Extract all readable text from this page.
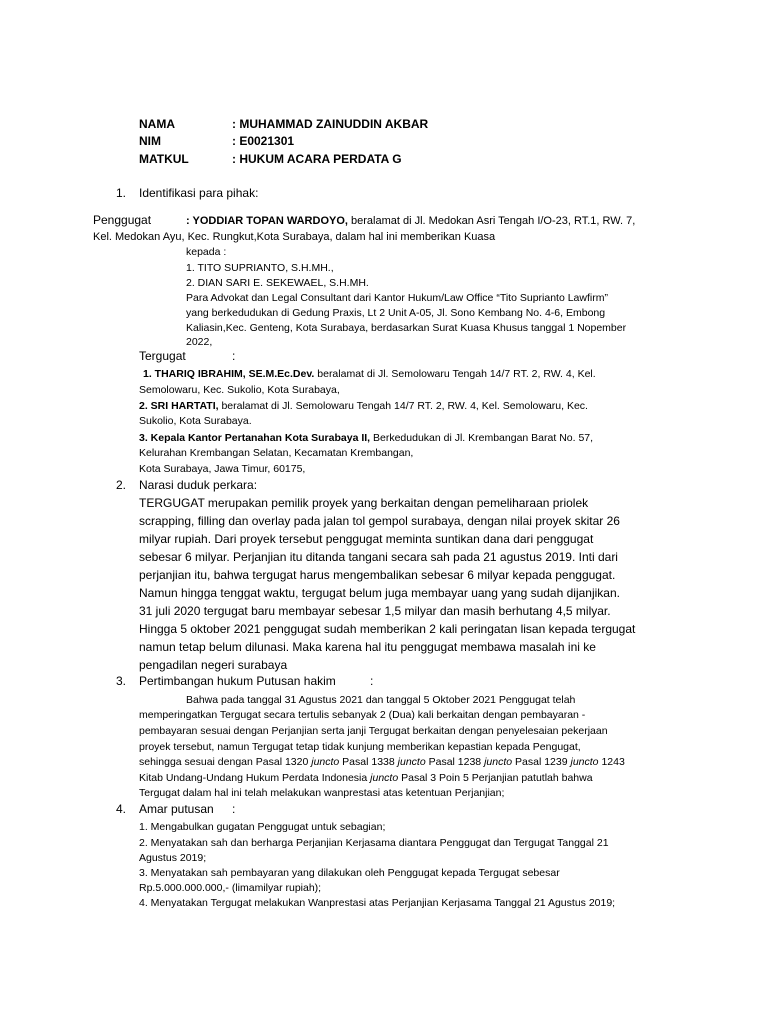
NAMA	: MUHAMMAD ZAINUDDIN AKBAR
NIM	: E0021301
MATKUL	: HUKUM ACARA PERDATA G
1. Identifikasi para pihak:
Penggugat	: YODDIAR TOPAN WARDOYO, beralamat di Jl. Medokan Asri Tengah I/O-23, RT.1, RW. 7,
Kel. Medokan Ayu, Kec. Rungkut,Kota Surabaya, dalam hal ini memberikan Kuasa
kepada :
1. TITO SUPRIANTO, S.H.MH.,
2. DIAN SARI E. SEKEWAEL, S.H.MH.
Para Advokat dan Legal Consultant dari Kantor Hukum/Law Office “Tito Suprianto Lawfirm”
yang berkedudukan di Gedung Praxis, Lt 2 Unit A-05, Jl. Sono Kembang No. 4-6, Embong
Kaliasin,Kec. Genteng, Kota Surabaya, berdasarkan Surat Kuasa Khusus tanggal 1 Nopember
2022,
Tergugat	:
1. THARIQ IBRAHIM, SE.M.Ec.Dev. beralamat di Jl. Semolowaru Tengah 14/7 RT. 2, RW. 4, Kel.
Semolowaru, Kec. Sukolio, Kota Surabaya,
2. SRI HARTATI, beralamat di Jl. Semolowaru Tengah 14/7 RT. 2, RW. 4, Kel. Semolowaru, Kec.
Sukolio, Kota Surabaya.
3. Kepala Kantor Pertanahan Kota Surabaya II, Berkedudukan di Jl. Krembangan Barat No. 57,
Kelurahan Krembangan Selatan, Kecamatan Krembangan,
Kota Surabaya, Jawa Timur, 60175,
2. Narasi duduk perkara:
TERGUGAT merupakan pemilik proyek yang berkaitan dengan pemeliharaan priolek
scrapping, filling dan overlay pada jalan tol gempol surabaya, dengan nilai proyek skitar 26
milyar rupiah. Dari proyek tersebut penggugat meminta suntikan dana dari penggugat
sebesar 6 milyar. Perjanjian itu ditanda tangani secara sah pada 21 agustus 2019. Inti dari
perjanjian itu, bahwa tergugat harus mengembalikan sebesar 6 milyar kepada penggugat.
Namun hingga tenggat waktu, tergugat belum juga membayar uang yang sudah dijanjikan.
31 juli 2020 tergugat baru membayar sebesar 1,5 milyar dan masih berhutang 4,5 milyar.
Hingga 5 oktober 2021 penggugat sudah memberikan 2 kali peringatan lisan kepada tergugat
namun tetap belum dilunasi. Maka karena hal itu penggugat membawa masalah ini ke
pengadilan negeri surabaya
3. Pertimbangan hukum Putusan hakim	:
Bahwa pada tanggal 31 Agustus 2021 dan tanggal 5 Oktober 2021 Penggugat telah
memperingatkan Tergugat secara tertulis sebanyak 2 (Dua) kali berkaitan dengan pembayaran -
pembayaran sesuai dengan Perjanjian serta janji Tergugat berkaitan dengan penyelesaian pekerjaan
proyek tersebut, namun Tergugat tetap tidak kunjung memberikan kepastian kepada Pengugat,
sehingga sesuai dengan Pasal 1320 juncto Pasal 1338 juncto Pasal 1238 juncto Pasal 1239 juncto 1243
Kitab Undang-Undang Hukum Perdata Indonesia juncto Pasal 3 Poin 5 Perjanjian patutlah bahwa
Tergugat dalam hal ini telah melakukan wanprestasi atas ketentuan Perjanjian;
4. Amar putusan :
1. Mengabulkan gugatan Penggugat untuk sebagian;
2. Menyatakan sah dan berharga Perjanjian Kerjasama diantara Penggugat dan Tergugat Tanggal 21
Agustus 2019;
3. Menyatakan sah pembayaran yang dilakukan oleh Penggugat kepada Tergugat sebesar
Rp.5.000.000.000,- (limamilyar rupiah);
4. Menyatakan Tergugat melakukan Wanprestasi atas Perjanjian Kerjasama Tanggal 21 Agustus 2019;
